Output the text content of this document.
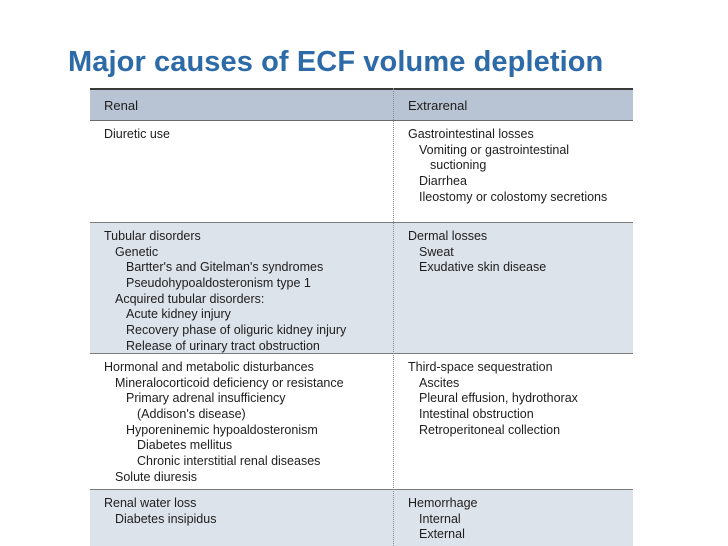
Major causes of ECF volume depletion
Renal	Extrarenal
Diuretic use	Gastrointestinal losses
Vomiting or gastrointestinal
suctioning
Diarrhea
Ileostomy or colostomy secretions
Tubular disorders
Genetic
Bartter's and Gitelman's syndromes
Pseudohypoaldosteronism type 1
Acquired tubular disorders:
Acute kidney injury
Recovery phase of oliguric kidney injury
Release of urinary tract obstruction
Dermal losses
Sweat
Exudative skin disease
Hormonal and metabolic disturbances
Mineralocorticoid deficiency or resistance
Primary adrenal insufficiency
(Addison's disease)
Hyporeninemic hypoaldosteronism
Diabetes mellitus
Chronic interstitial renal diseases
Solute diuresis
Third-space sequestration
Ascites
Pleural effusion, hydrothorax
Intestinal obstruction
Retroperitoneal collection
Renal water loss
Diabetes insipidus
Hemorrhage
Internal
External
